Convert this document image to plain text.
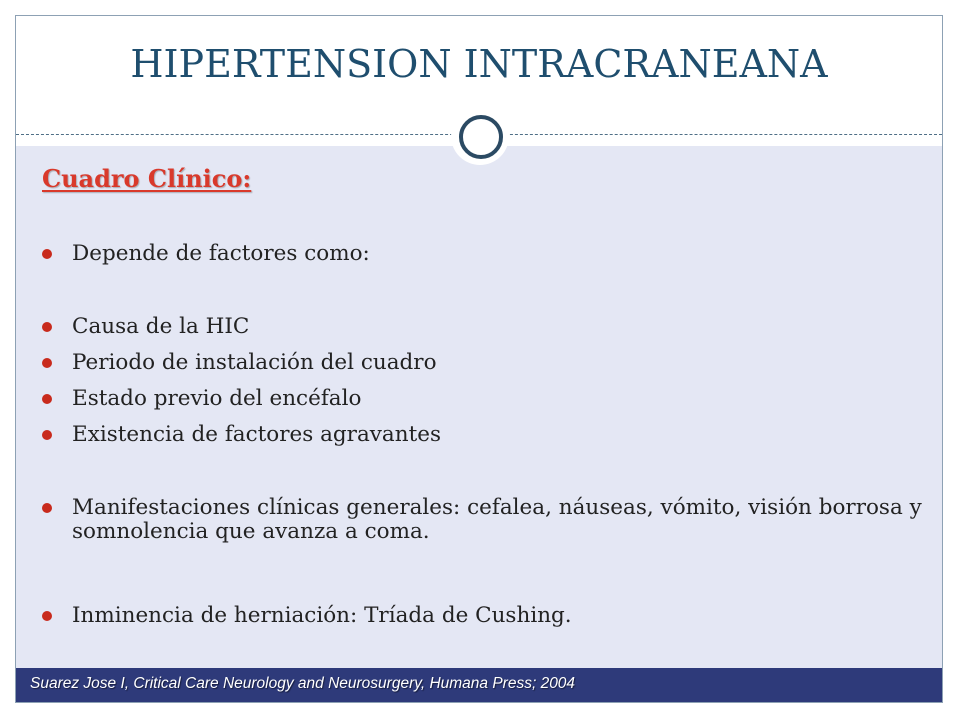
HIPERTENSION INTRACRANEANA
Cuadro Clínico:
Depende de factores como:
Causa de la HIC
Periodo de instalación del cuadro
Estado previo del encéfalo
Existencia de factores agravantes
Manifestaciones clínicas generales: cefalea, náuseas, vómito, visión borrosa y somnolencia que avanza a coma.
Inminencia de herniación: Tríada de Cushing.
Suarez Jose I, Critical Care Neurology and Neurosurgery, Humana Press; 2004
